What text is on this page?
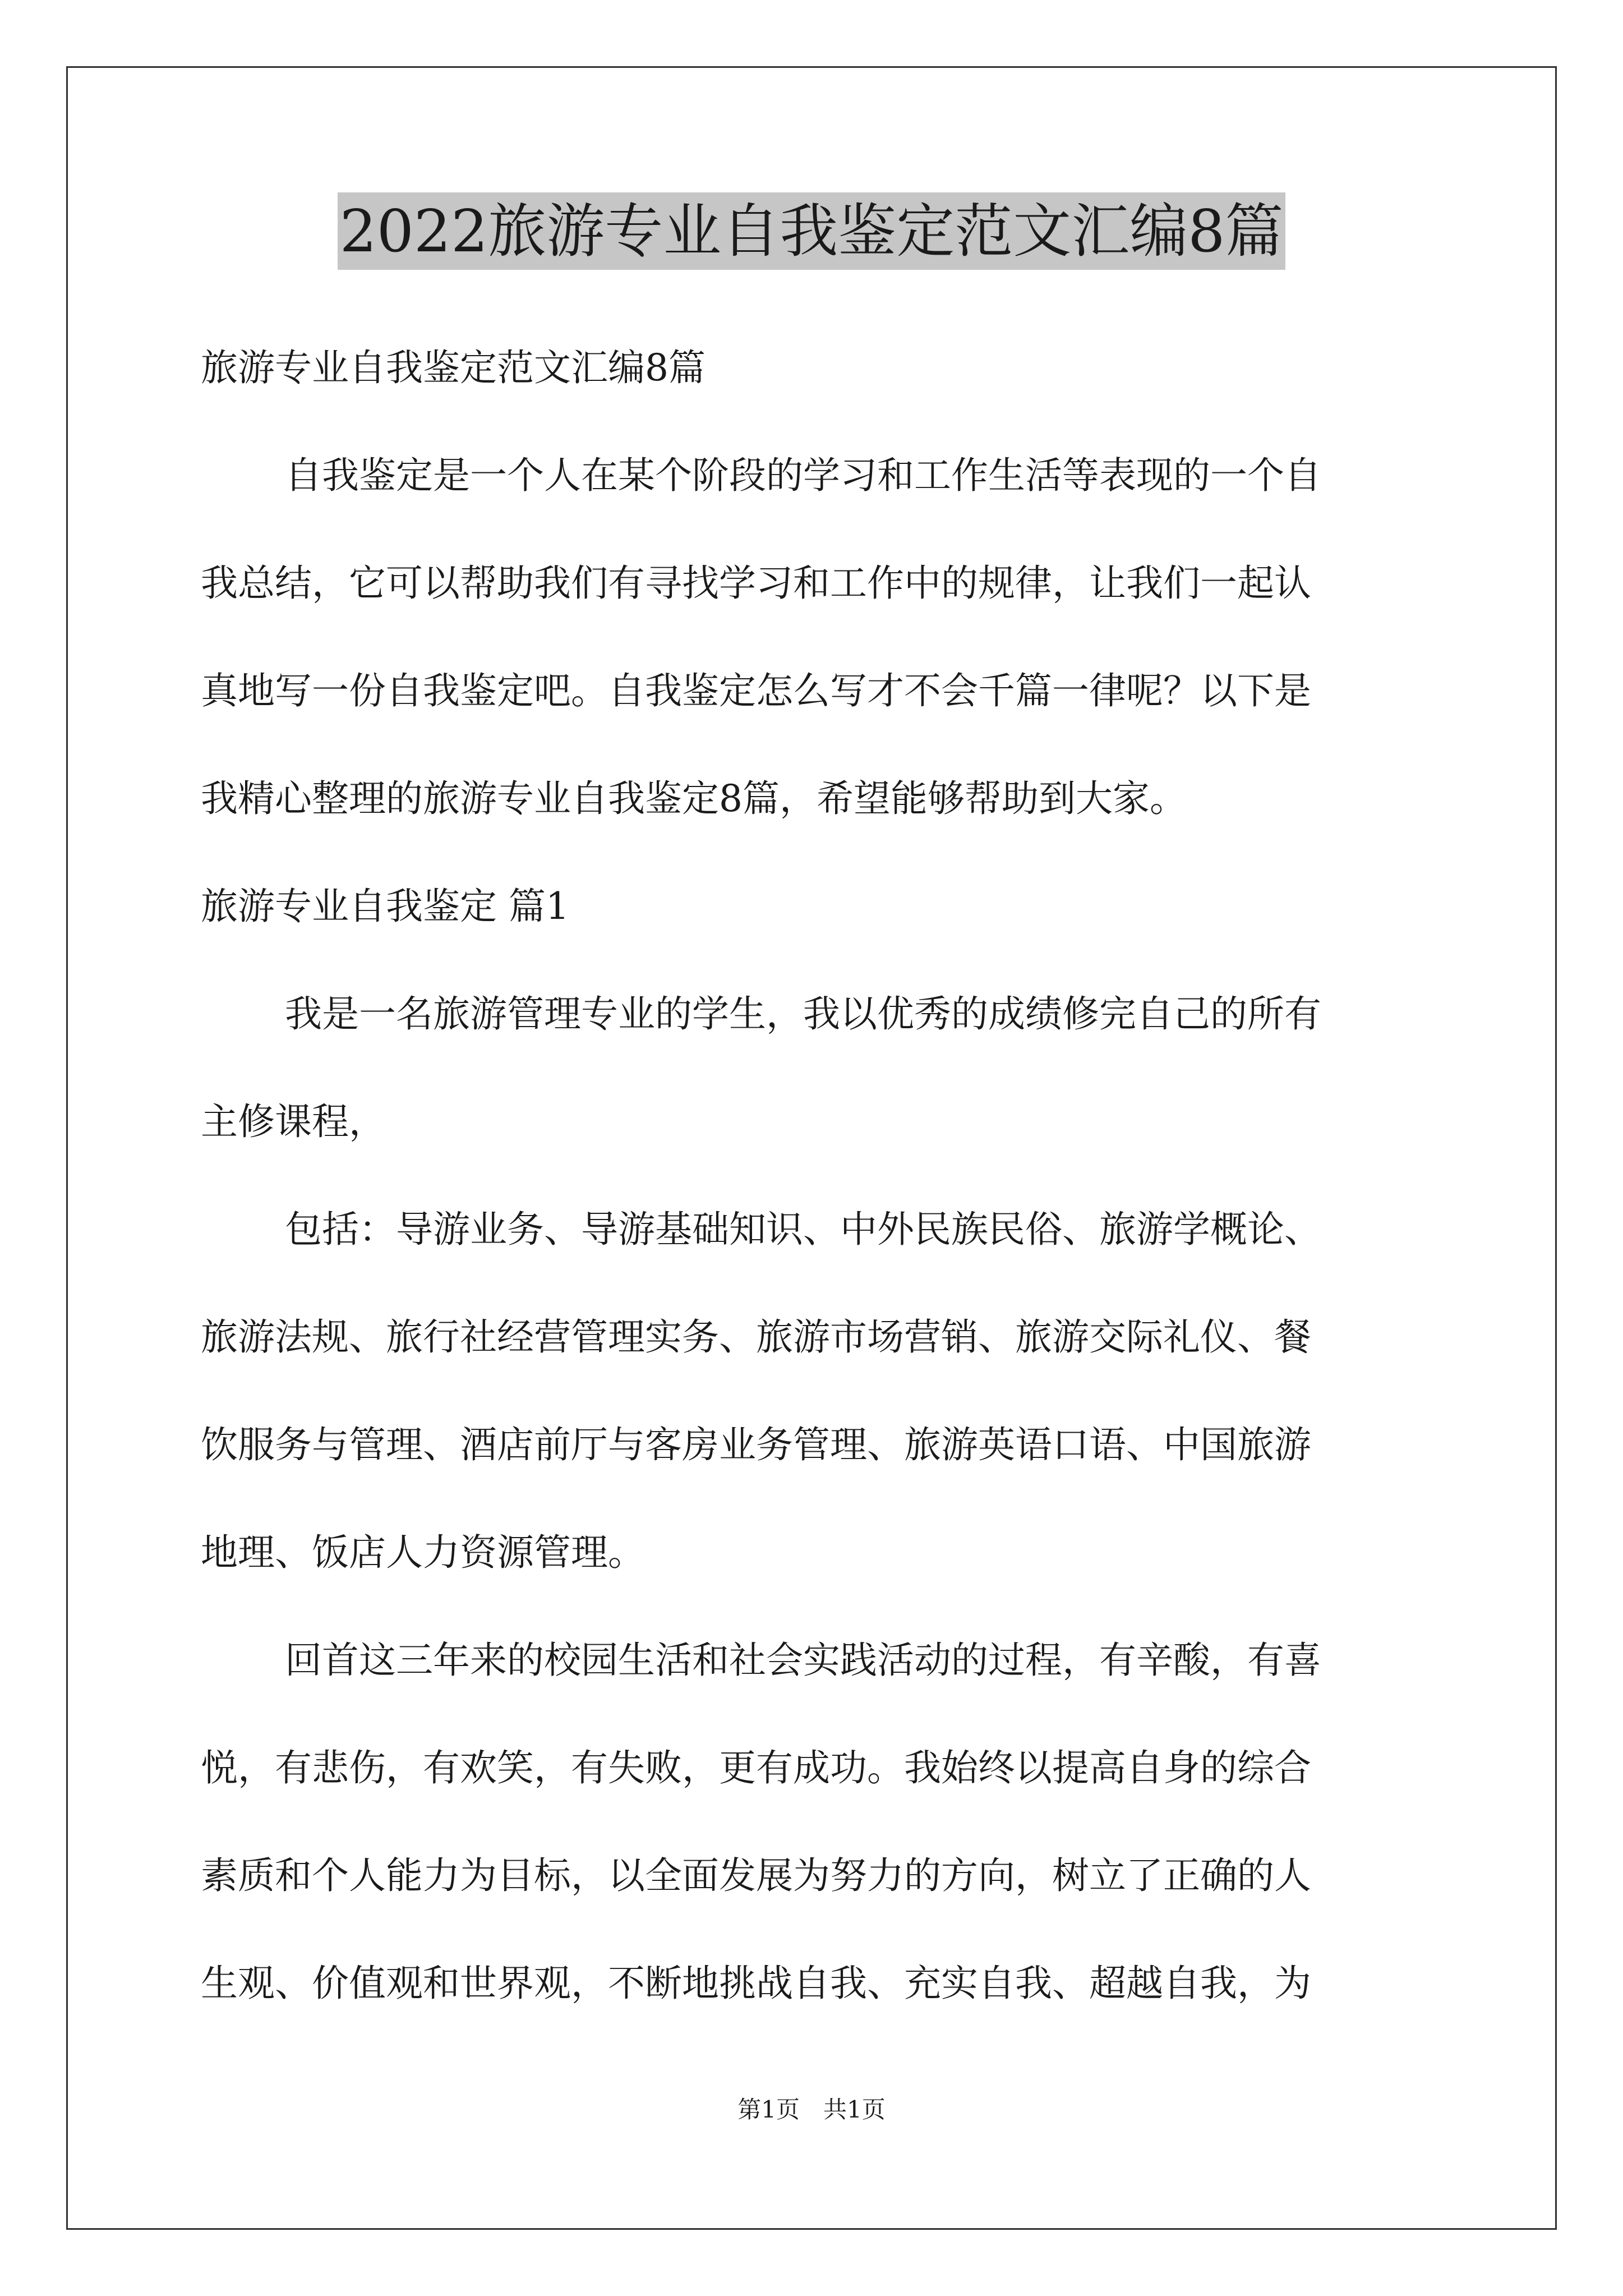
2022旅游专业自我鉴定范文汇编8篇
旅游专业自我鉴定范文汇编8篇
自我鉴定是一个人在某个阶段的学习和工作生活等表现的一个自
我总结，它可以帮助我们有寻找学习和工作中的规律，让我们一起认
真地写一份自我鉴定吧。自我鉴定怎么写才不会千篇一律呢？以下是
我精心整理的旅游专业自我鉴定8篇，希望能够帮助到大家。
旅游专业自我鉴定 篇1
我是一名旅游管理专业的学生，我以优秀的成绩修完自己的所有
主修课程，
包括：导游业务、导游基础知识、中外民族民俗、旅游学概论、
旅游法规、旅行社经营管理实务、旅游市场营销、旅游交际礼仪、餐
饮服务与管理、酒店前厅与客房业务管理、旅游英语口语、中国旅游
地理、饭店人力资源管理。
回首这三年来的校园生活和社会实践活动的过程，有辛酸，有喜
悦，有悲伤，有欢笑，有失败，更有成功。我始终以提高自身的综合
素质和个人能力为目标，以全面发展为努力的方向，树立了正确的人
生观、价值观和世界观，不断地挑战自我、充实自我、超越自我，为
第1页　共1页
